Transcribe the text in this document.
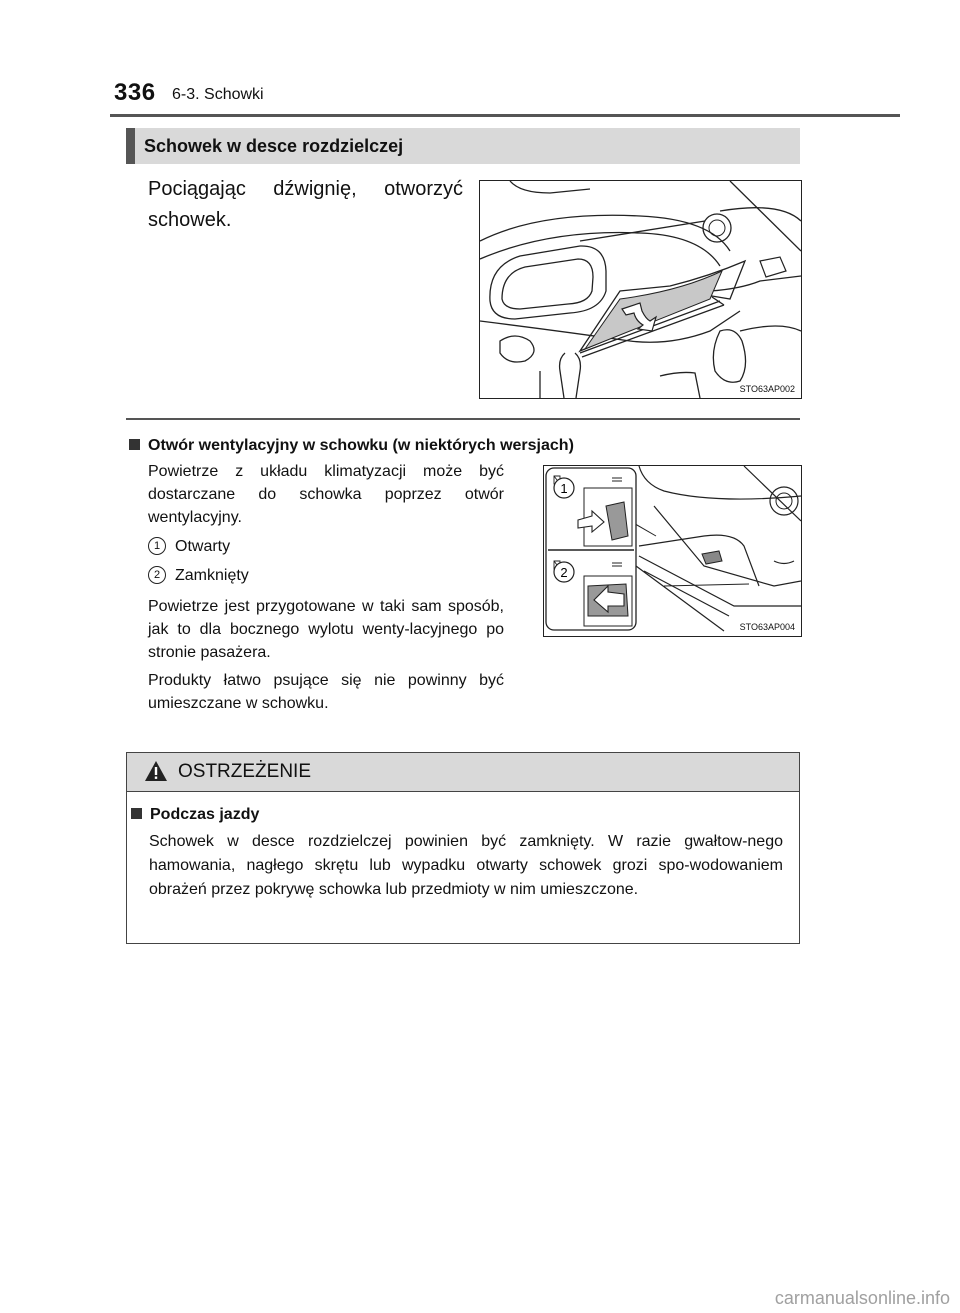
336 6-3. Schowki
Schowek w desce rozdzielczej
Pociągając dźwignię, otworzyć schowek.
STO63AP002
Otwór wentylacyjny w schowku (w niektórych wersjach)
Powietrze z układu klimatyzacji może być dostarczane do schowka poprzez otwór wentylacyjny.
1 Otwarty
2 Zamknięty
Powietrze jest przygotowane w taki sam sposób, jak to dla bocznego wylotu wenty-lacyjnego po stronie pasażera.
Produkty łatwo psujące się nie powinny być umieszczane w schowku.
1
2
STO63AP004
OSTRZEŻENIE
Podczas jazdy
Schowek w desce rozdzielczej powinien być zamknięty. W razie gwałtow-nego hamowania, nagłego skrętu lub wypadku otwarty schowek grozi spo-wodowaniem obrażeń przez pokrywę schowka lub przedmioty w nim umieszczone.
carmanualsonline.info
